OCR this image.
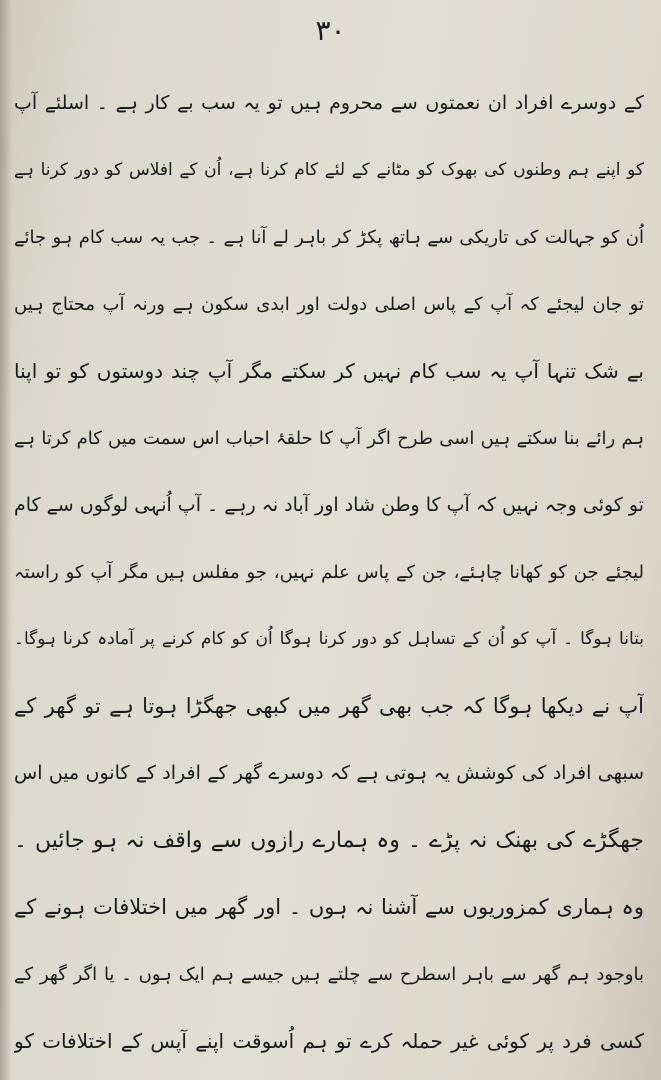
۳۰
کے دوسرے افراد ان نعمتوں سے محروم ہیں تو یہ سب بے کار ہے ۔ اسلئے آپ
کو اپنے ہم وطنوں کی بھوک کو مٹانے کے لئے کام کرنا ہے، اُن کے افلاس کو دور کرنا ہے
اُن کو جہالت کی تاریکی سے ہاتھ پکڑ کر باہر لے آنا ہے ۔ جب یہ سب کام ہو جائے
تو جان لیجئے کہ آپ کے پاس اصلی دولت اور ابدی سکون ہے ورنہ آپ محتاج ہیں
بے شک تنہا آپ یہ سب کام نہیں کر سکتے مگر آپ چند دوستوں کو تو اپنا
ہم رائے بنا سکتے ہیں اسی طرح اگر آپ کا حلقۂ احباب اس سمت میں کام کرتا ہے
تو کوئی وجہ نہیں کہ آپ کا وطن شاد اور آباد نہ رہے ۔ آپ اُنہی لوگوں سے کام
لیجئے جن کو کھانا چاہئے، جن کے پاس علم نہیں، جو مفلس ہیں مگر آپ کو راستہ
بتانا ہوگا ۔ آپ کو اُن کے تساہل کو دور کرنا ہوگا اُن کو کام کرنے پر آمادہ کرنا ہوگا۔
آپ نے دیکھا ہوگا کہ جب بھی گھر میں کبھی جھگڑا ہوتا ہے تو گھر کے
سبھی افراد کی کوشش یہ ہوتی ہے کہ دوسرے گھر کے افراد کے کانوں میں اس
جھگڑے کی بھنک نہ پڑے ۔ وہ ہمارے رازوں سے واقف نہ ہو جائیں ۔
وہ ہماری کمزوریوں سے آشنا نہ ہوں ۔ اور گھر میں اختلافات ہونے کے
باوجود ہم گھر سے باہر اسطرح سے چلتے ہیں جیسے ہم ایک ہوں ۔ یا اگر گھر کے
کسی فرد پر کوئی غیر حملہ کرے تو ہم اُسوقت اپنے آپس کے اختلافات کو
